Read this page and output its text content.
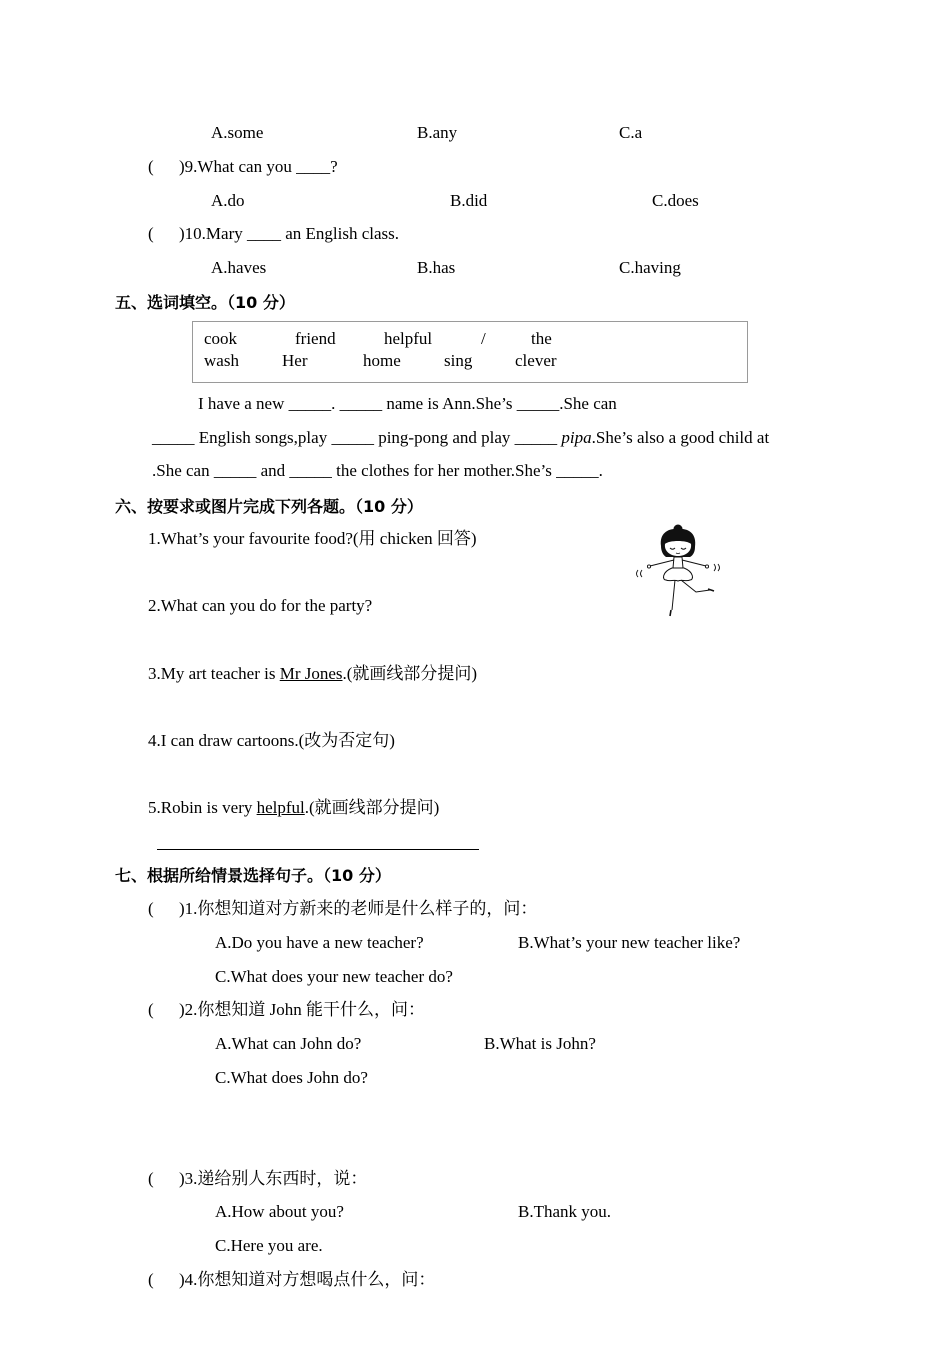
A.some	B.any	C.a
( )9.What can you ____?
A.do	B.did	C.does
( )10.Mary ____ an English class.
A.haves	B.has	C.having
五、选词填空。（10 分）
cook	friend	helpful	/	the
wash	Her	home	sing	clever
I have a new _____. _____ name is Ann.She’s _____.She can
_____ English songs,play _____ ping-pong and play _____ pipa.She’s also a good child at
.She can _____ and _____ the clothes for her mother.She’s _____.
六、按要求或图片完成下列各题。（10 分）
1.What’s your favourite food?(用 chicken 回答)
2.What can you do for the party?
3.My art teacher is Mr Jones.(就画线部分提问)
4.I can draw cartoons.(改为否定句)
5.Robin is very helpful.(就画线部分提问)
七、根据所给情景选择句子。（10 分）
( )1.你想知道对方新来的老师是什么样子的，问：
A.Do you have a new teacher?	B.What’s your new teacher like?
C.What does your new teacher do?
( )2.你想知道 John 能干什么，问：
A.What can John do?	B.What is John?
C.What does John do?
( )3.递给别人东西时，说：
A.How about you?	B.Thank you.
C.Here you are.
( )4.你想知道对方想喝点什么，问：
